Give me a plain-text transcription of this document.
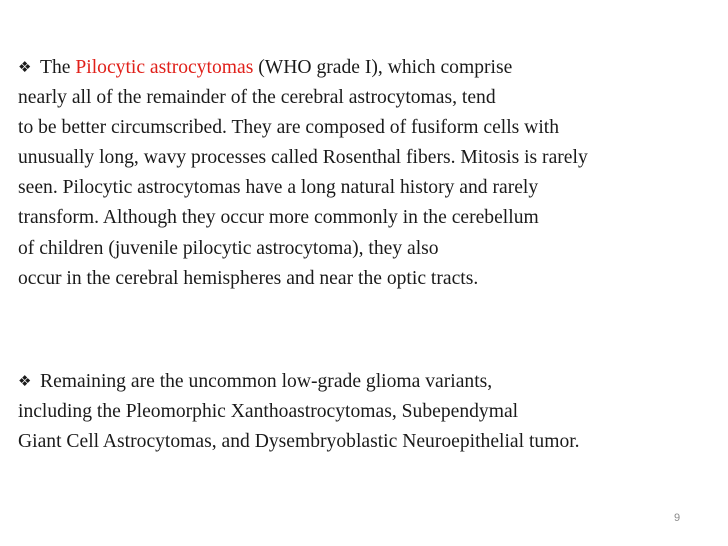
❖ The Pilocytic astrocytomas (WHO grade I), which comprise
nearly all of the remainder of the cerebral astrocytomas, tend
to be better circumscribed. They are composed of fusiform cells with
unusually long, wavy processes called Rosenthal fibers. Mitosis is rarely
seen. Pilocytic astrocytomas have a long natural history and rarely
transform. Although they occur more commonly in the cerebellum
of children (juvenile pilocytic astrocytoma), they also
occur in the cerebral hemispheres and near the optic tracts.
❖ Remaining are the uncommon low-grade glioma variants,
including the Pleomorphic Xanthoastrocytomas, Subependymal
Giant Cell Astrocytomas, and Dysembryoblastic Neuroepithelial tumor.
9
